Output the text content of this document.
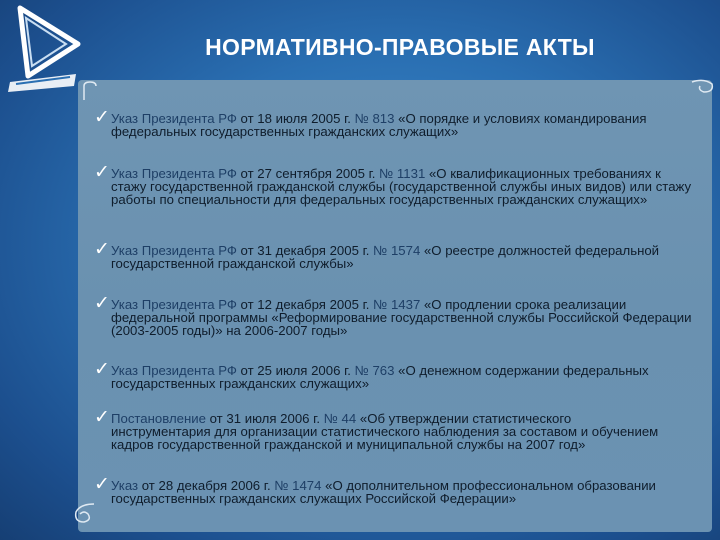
НОРМАТИВНО-ПРАВОВЫЕ АКТЫ
✓ Указ Президента РФ от 18 июля 2005 г. № 813 «О порядке и условиях командирования
федеральных государственных гражданских служащих»
✓ Указ Президента РФ от 27 сентября 2005 г. № 1131 «О квалификационных требованиях к
стажу государственной гражданской службы (государственной службы иных видов) или стажу работы по специальности для федеральных государственных гражданских служащих»
✓ Указ Президента РФ от 31 декабря 2005 г. № 1574 «О реестре должностей федеральной
государственной гражданской службы»
✓ Указ Президента РФ от 12 декабря 2005 г. № 1437 «О продлении срока реализации
федеральной программы «Реформирование государственной службы Российской Федерации (2003-2005 годы)» на 2006-2007 годы»
✓ Указ Президента РФ от 25 июля 2006 г. № 763 «О денежном содержании федеральных
государственных гражданских служащих»
✓ Постановление от 31 июля 2006 г. № 44 «Об утверждении статистического
инструментария для организации статистического наблюдения за составом и обучением кадров государственной гражданской и муниципальной службы на 2007 год»
✓ Указ от 28 декабря 2006 г. № 1474 «О дополнительном профессиональном образовании
государственных гражданских служащих Российской Федерации»
